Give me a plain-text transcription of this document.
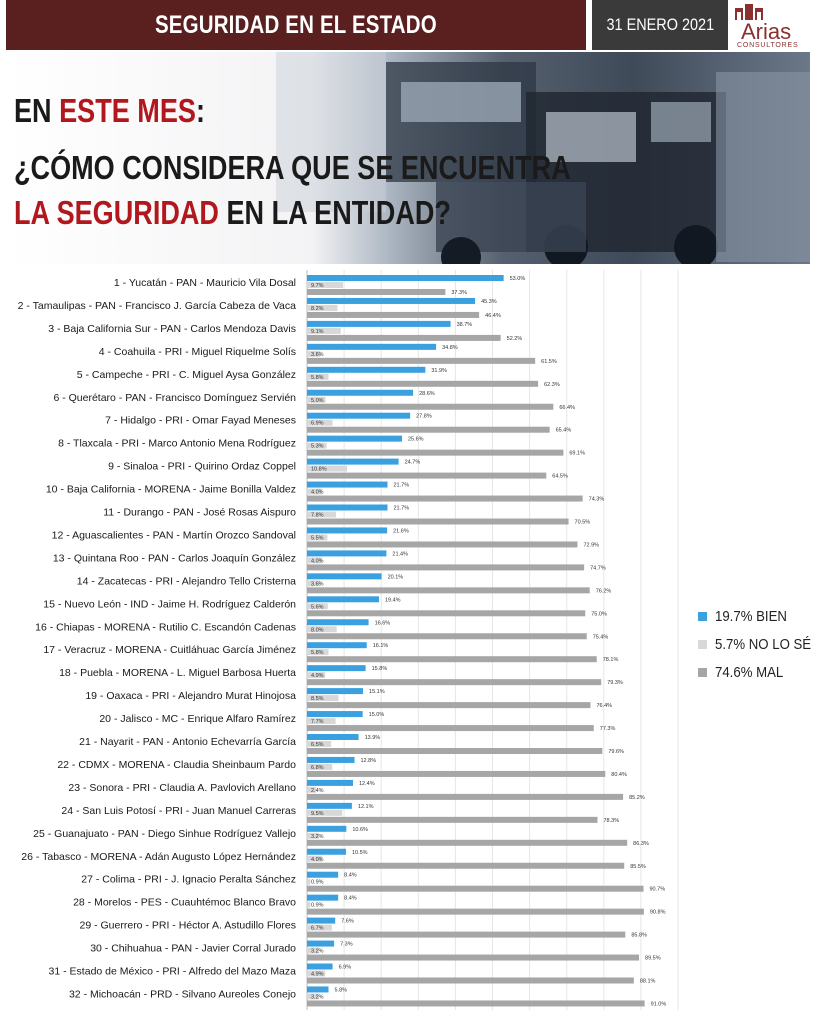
SEGURIDAD EN EL ESTADO	31 ENERO 2021 Arias
CONSULTORES
EN ESTE MES:
¿CÓMO CONSIDERA QUE SE ENCUENTRA
LA SEGURIDAD EN LA ENTIDAD?
1 - Yucatán - PAN - Mauricio Vila Dosal	53.0%
9.7%
37.3%
2 - Tamaulipas - PAN - Francisco J. García Cabeza de Vaca	45.3%
8.2%
46.4%
3 - Baja California Sur - PAN - Carlos Mendoza Davis	38.7%
9.1%
52.2%
4 - Coahuila - PRI - Miguel Riquelme Solís	34.8%
3.6%
61.5%
5 - Campeche - PRI - C. Miguel Aysa González	31.9%
5.8%
62.3%
6 - Querétaro - PAN - Francisco Domínguez Servién	28.6%
5.0%
66.4%
7 - Hidalgo - PRI - Omar Fayad Meneses	27.8%
6.9%
65.4%
8 - Tlaxcala - PRI - Marco Antonio Mena Rodríguez	25.6%
5.3%
69.1%
9 - Sinaloa - PRI - Quirino Ordaz Coppel	24.7%
10.8%
64.5%
10 - Baja California - MORENA - Jaime Bonilla Valdez	21.7%
4.0%
74.3%
11 - Durango - PAN - José Rosas Aispuro	21.7%
7.8%
70.5%
12 - Aguascalientes - PAN - Martín Orozco Sandoval	21.6%
5.5%
72.9%
13 - Quintana Roo - PAN - Carlos Joaquín González	21.4%
4.0%
74.7%
14 - Zacatecas - PRI - Alejandro Tello Cristerna	20.1%
3.6%
76.2%
15 - Nuevo León - IND - Jaime H. Rodríguez Calderón	19.4%
5.6%
75.0%
16 - Chiapas - MORENA - Rutilio C. Escandón Cadenas	16.6%
8.0%
75.4%
17 - Veracruz - MORENA - Cuitláhuac García Jiménez	16.1%
5.8%
78.1%
18 - Puebla - MORENA - L. Miguel Barbosa Huerta	15.8%
4.9%
79.3%
19 - Oaxaca - PRI - Alejandro Murat Hinojosa	15.1%
8.5%
76.4%
20 - Jalisco - MC - Enrique Alfaro Ramírez	15.0%
7.7%
77.3%
21 - Nayarit - PAN - Antonio Echevarría García	13.9%
6.5%
79.6%
22 - CDMX - MORENA - Claudia Sheinbaum Pardo	12.8%
6.8%
80.4%
23 - Sonora - PRI - Claudia A. Pavlovich Arellano	12.4%
2.4%
85.2%
24 - San Luis Potosí - PRI - Juan Manuel Carreras	12.1%
9.5%
78.3%
25 - Guanajuato - PAN - Diego Sinhue Rodríguez Vallejo	10.6%
3.2%
86.3%
26 - Tabasco - MORENA - Adán Augusto López Hernández	10.5%
4.0%
85.5%
27 - Colima - PRI - J. Ignacio Peralta Sánchez	8.4%
0.9%
90.7%
28 - Morelos - PES - Cuauhtémoc Blanco Bravo	8.4%
0.9%
90.8%
29 - Guerrero - PRI - Héctor A. Astudillo Flores	7.6%
6.7%
85.8%
30 - Chihuahua - PAN - Javier Corral Jurado	7.3%
3.2%
89.5%
31 - Estado de México - PRI - Alfredo del Mazo Maza	6.9%
4.9%
88.1%
32 - Michoacán - PRD - Silvano Aureoles Conejo	5.8%
3.2%
91.0%
19.7% BIEN
5.7% NO LO SÉ
74.6% MAL
